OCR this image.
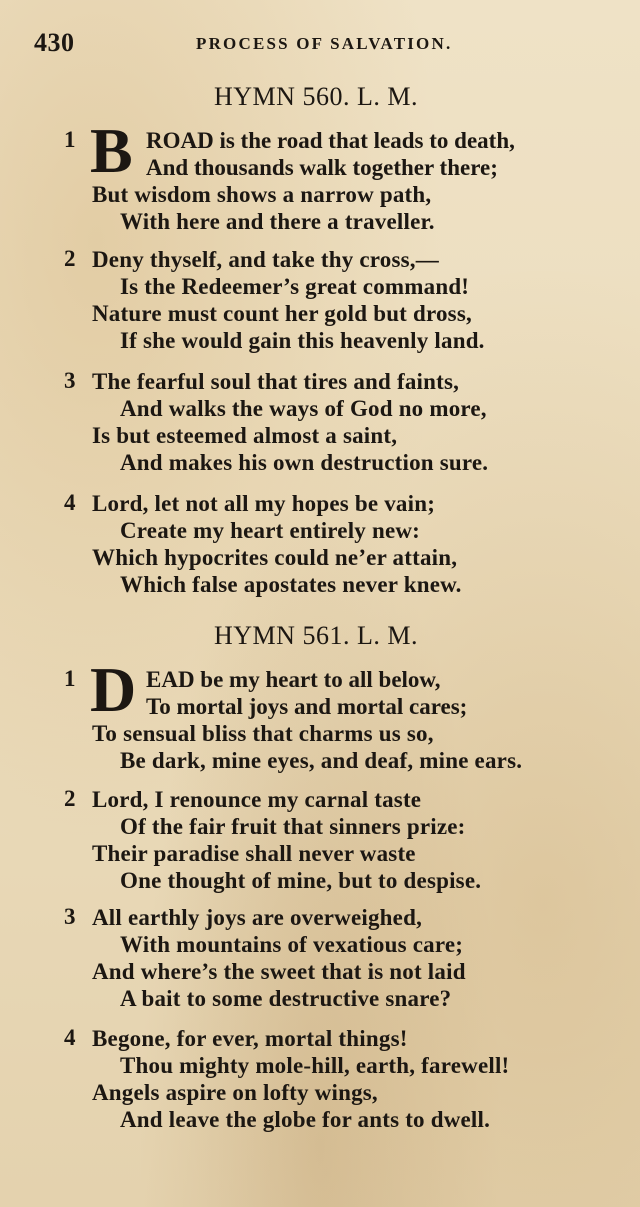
430	PROCESS OF SALVATION.
HYMN 560. L. M.
1 B ROAD is the road that leads to death,
And thousands walk together there;
But wisdom shows a narrow path,
With here and there a traveller.
2 Deny thyself, and take thy cross,—
Is the Redeemer’s great command!
Nature must count her gold but dross,
If she would gain this heavenly land.
3 The fearful soul that tires and faints,
And walks the ways of God no more,
Is but esteemed almost a saint,
And makes his own destruction sure.
4 Lord, let not all my hopes be vain;
Create my heart entirely new:
Which hypocrites could ne’er attain,
Which false apostates never knew.
HYMN 561. L. M.
1 D EAD be my heart to all below,
To mortal joys and mortal cares;
To sensual bliss that charms us so,
Be dark, mine eyes, and deaf, mine ears.
2 Lord, I renounce my carnal taste
Of the fair fruit that sinners prize:
Their paradise shall never waste
One thought of mine, but to despise.
3 All earthly joys are overweighed,
With mountains of vexatious care;
And where’s the sweet that is not laid
A bait to some destructive snare?
4 Begone, for ever, mortal things!
Thou mighty mole-hill, earth, farewell!
Angels aspire on lofty wings,
And leave the globe for ants to dwell.
